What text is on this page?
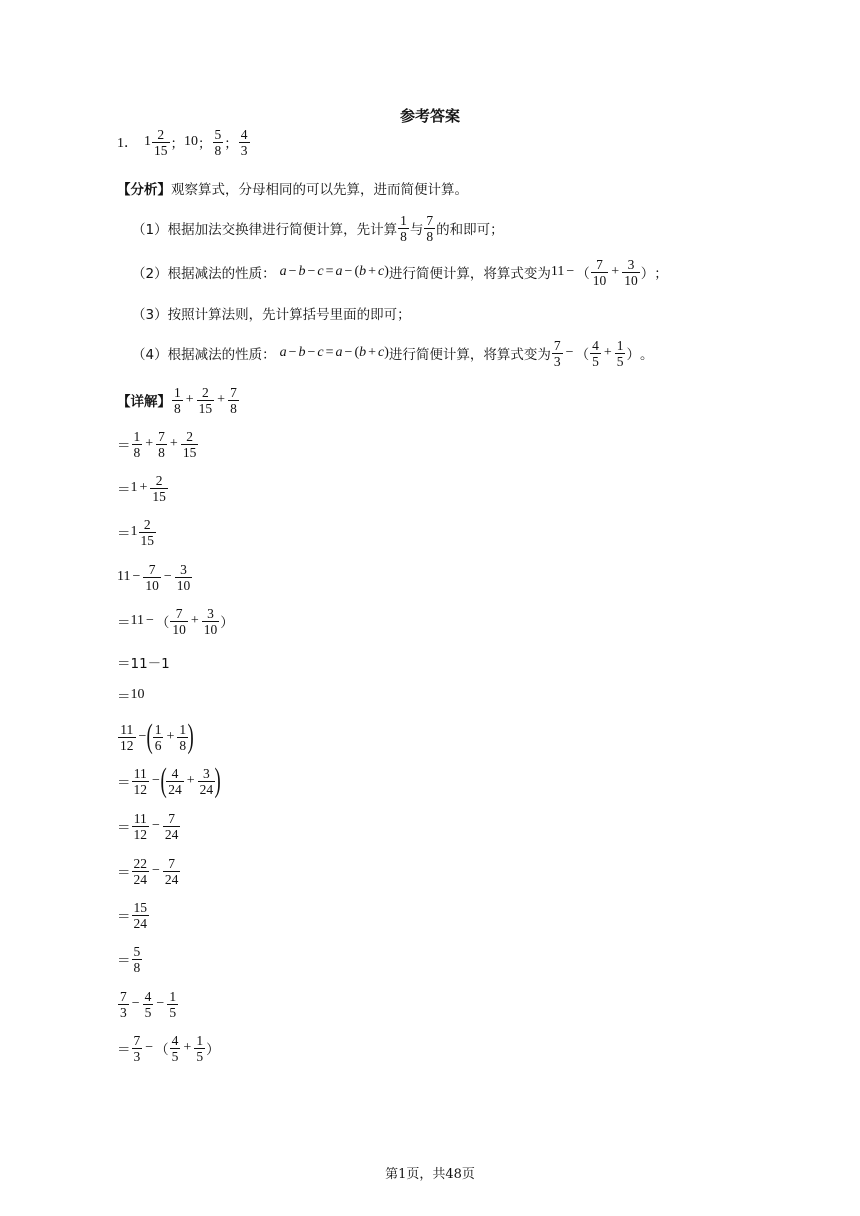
参考答案
1． $1 \frac{2}{15}$ ； 10 ； $\frac{5}{8}$ ； $\frac{4}{3}$
【分析】 观察算式，分母相同的可以先算，进而简便计算。
（1）根据加法交换律进行简便计算，先计算 $\frac{1}{8}$ 与 $\frac{7}{8}$ 的和即可；
（2）根据减法的性质： a − b − c = a − ( b + c ) 进行简便计算，将算式变为 11 − （ $\frac{7}{10} + \frac{3}{10}$ ） ；
（3）按照计算法则，先计算括号里面的即可；
（4）根据减法的性质： a − b − c = a − ( b + c ) 进行简便计算，将算式变为 $\frac{7}{3}$ − （ $\frac{4}{5} + \frac{1}{5}$ ） 。
【详解】 $\frac{1}{8} + \frac{2}{15} + \frac{7}{8}$
＝ $\frac{1}{8} + \frac{7}{8} + \frac{2}{15}$
＝ $1 + \frac{2}{15}$
＝ $1 \frac{2}{15}$
$11 - \frac{7}{10} - \frac{3}{10}$
＝ 11 − （ $\frac{7}{10} + \frac{3}{10}$ ）
＝ 11－1
＝ 10
$\frac{11}{12}$ − ( $\frac{1}{6} + \frac{1}{8}$ )
＝ $\frac{11}{12}$ − ( $\frac{4}{24} + \frac{3}{24}$ )
＝ $\frac{11}{12} - \frac{7}{24}$
＝ $\frac{22}{24} - \frac{7}{24}$
＝ $\frac{15}{24}$
＝ $\frac{5}{8}$
$\frac{7}{3} - \frac{4}{5} - \frac{1}{5}$
＝ $\frac{7}{3}$ − （ $\frac{4}{5} + \frac{1}{5}$ ）
第1页，共48页
